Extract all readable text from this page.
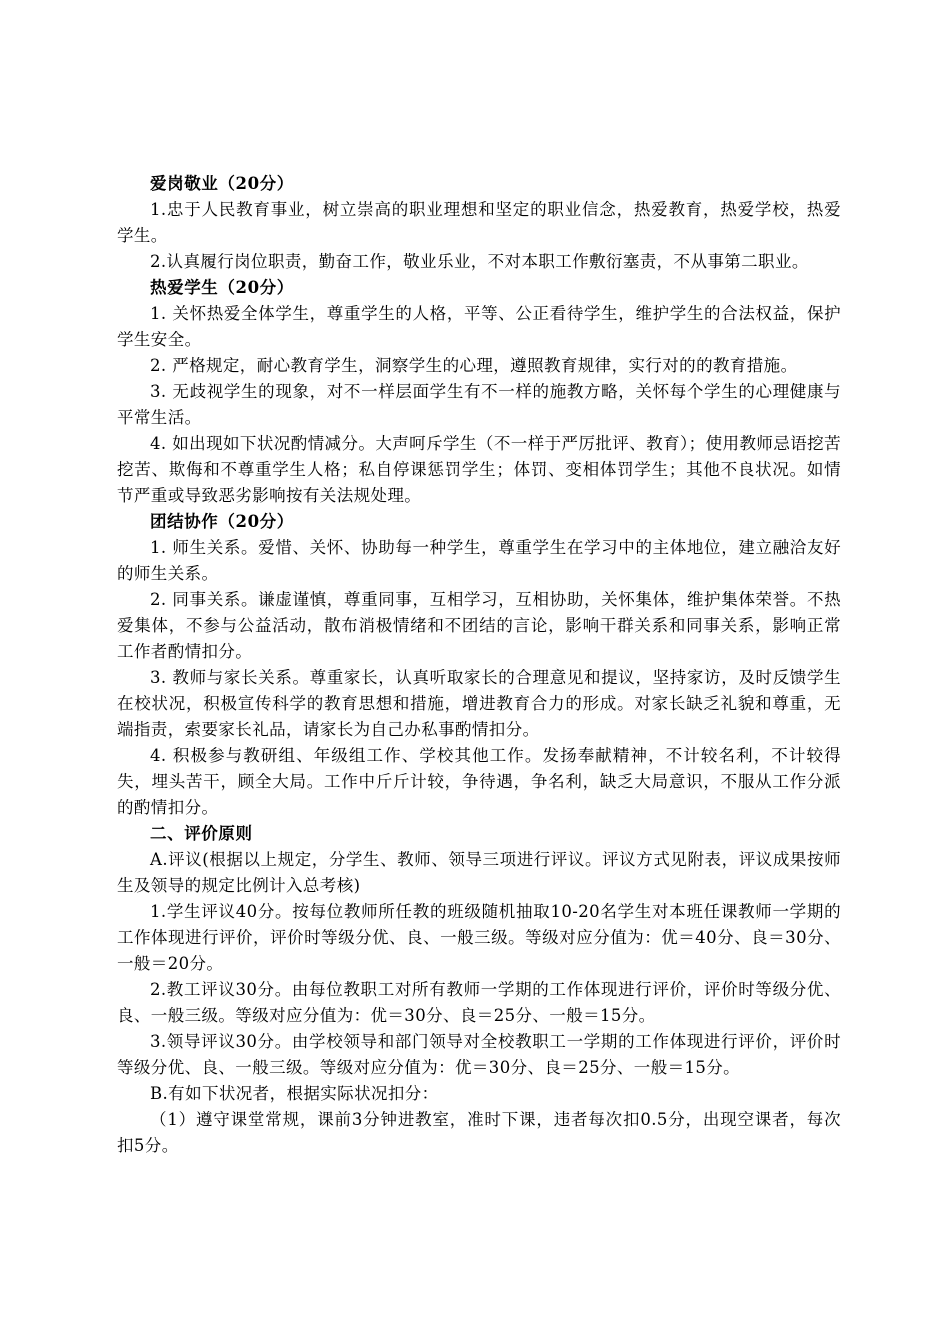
爱岗敬业（20分）

1.忠于人民教育事业，树立崇高的职业理想和坚定的职业信念，热爱教育，热爱学校，热爱学生。

2.认真履行岗位职责，勤奋工作，敬业乐业，不对本职工作敷衍塞责，不从事第二职业。

热爱学生（20分）

1. 关怀热爱全体学生，尊重学生的人格，平等、公正看待学生，维护学生的合法权益，保护学生安全。

2. 严格规定，耐心教育学生，洞察学生的心理，遵照教育规律，实行对的的教育措施。

3. 无歧视学生的现象，对不一样层面学生有不一样的施教方略，关怀每个学生的心理健康与平常生活。

4. 如出现如下状况酌情减分。大声呵斥学生（不一样于严厉批评、教育）；使用教师忌语挖苦挖苦、欺侮和不尊重学生人格；私自停课惩罚学生；体罚、变相体罚学生；其他不良状况。如情节严重或导致恶劣影响按有关法规处理。

团结协作（20分）

1. 师生关系。爱惜、关怀、协助每一种学生，尊重学生在学习中的主体地位，建立融洽友好的师生关系。

2. 同事关系。谦虚谨慎，尊重同事，互相学习，互相协助，关怀集体，维护集体荣誉。不热爱集体，不参与公益活动，散布消极情绪和不团结的言论，影响干群关系和同事关系，影响正常工作者酌情扣分。

3. 教师与家长关系。尊重家长，认真听取家长的合理意见和提议，坚持家访，及时反馈学生在校状况，积极宣传科学的教育思想和措施，增进教育合力的形成。对家长缺乏礼貌和尊重，无端指责，索要家长礼品，请家长为自己办私事酌情扣分。

4. 积极参与教研组、年级组工作、学校其他工作。发扬奉献精神，不计较名利，不计较得失，埋头苦干，顾全大局。工作中斤斤计较，争待遇，争名利，缺乏大局意识，不服从工作分派的酌情扣分。

二、评价原则

A.评议(根据以上规定，分学生、教师、领导三项进行评议。评议方式见附表，评议成果按师生及领导的规定比例计入总考核)

1.学生评议40分。按每位教师所任教的班级随机抽取10-20名学生对本班任课教师一学期的工作体现进行评价，评价时等级分优、良、一般三级。等级对应分值为：优＝40分、良＝30分、一般＝20分。

2.教工评议30分。由每位教职工对所有教师一学期的工作体现进行评价，评价时等级分优、良、一般三级。等级对应分值为：优＝30分、良＝25分、一般＝15分。

3.领导评议30分。由学校领导和部门领导对全校教职工一学期的工作体现进行评价，评价时等级分优、良、一般三级。等级对应分值为：优＝30分、良＝25分、一般＝15分。

B.有如下状况者，根据实际状况扣分：

（1）遵守课堂常规，课前3分钟进教室，准时下课，违者每次扣0.5分，出现空课者，每次扣5分。
